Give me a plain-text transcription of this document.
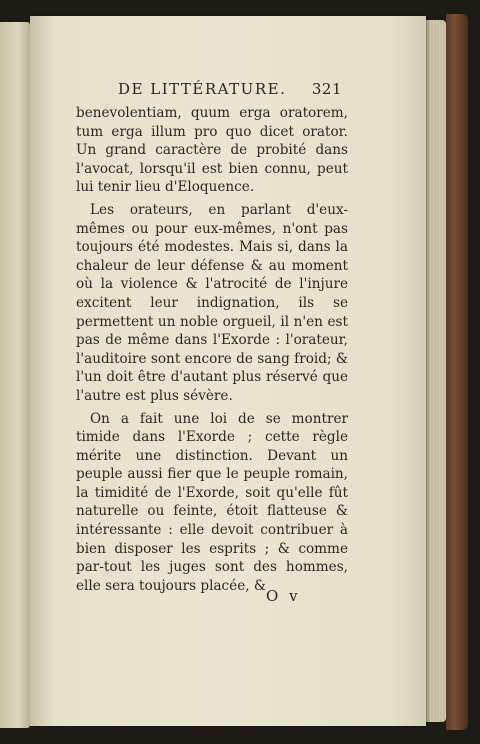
DE LITTÉRATURE. 321

benevolentiam, quum erga oratorem, tum erga illum pro quo dicet orator. Un grand caractère de probité dans l'avocat, lorsqu'il est bien connu, peut lui tenir lieu d'Eloquence.

Les orateurs, en parlant d'eux-mêmes ou pour eux-mêmes, n'ont pas toujours été modestes. Mais si, dans la chaleur de leur défense & au moment où la violence & l'atrocité de l'injure excitent leur indignation, ils se permettent un noble orgueil, il n'en est pas de même dans l'Exorde : l'orateur, l'auditoire sont encore de sang froid; & l'un doit être d'autant plus réservé que l'autre est plus sévère.

On a fait une loi de se montrer timide dans l'Exorde ; cette règle mérite une distinction. Devant un peuple aussi fier que le peuple romain, la timidité de l'Exorde, soit qu'elle fût naturelle ou feinte, étoit flatteuse & intéressante : elle devoit contribuer à bien disposer les esprits ; & comme par-tout les juges sont des hommes, elle sera toujours placée, &

O v
